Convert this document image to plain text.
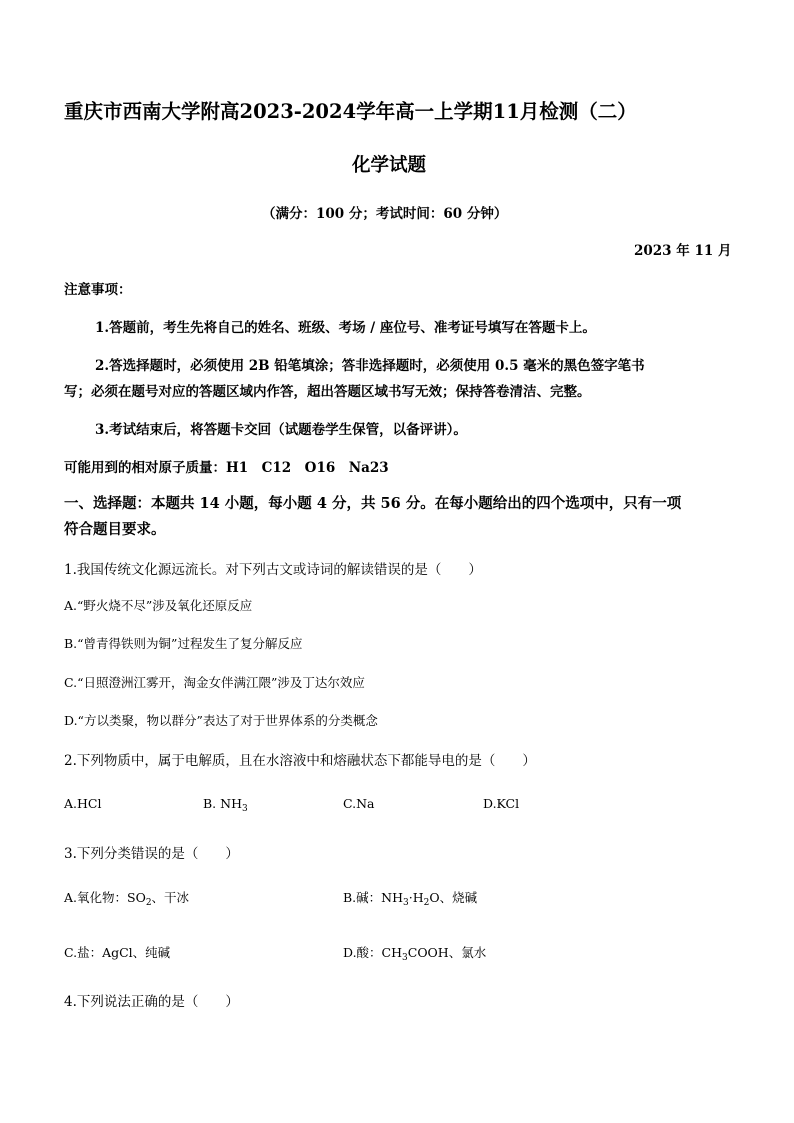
重庆市西南大学附高2023-2024学年高一上学期11月检测（二）
化学试题
（满分：100 分；考试时间：60 分钟）
2023 年 11 月
注意事项：
1.答题前，考生先将自己的姓名、班级、考场 / 座位号、准考证号填写在答题卡上。
2.答选择题时，必须使用 2B 铅笔填涂；答非选择题时，必须使用 0.5 毫米的黑色签字笔书
写；必须在题号对应的答题区域内作答，超出答题区域书写无效；保持答卷清洁、完整。
3.考试结束后，将答题卡交回（试题卷学生保管，以备评讲）。
可能用到的相对原子质量：H1　C12　O16　Na23
一、选择题：本题共 14 小题，每小题 4 分，共 56 分。在每小题给出的四个选项中，只有一项
符合题目要求。
1.我国传统文化源远流长。对下列古文或诗词的解读错误的是（　　）
A.“野火烧不尽”涉及氧化还原反应
B.“曾青得铁则为铜”过程发生了复分解反应
C.“日照澄洲江雾开，淘金女伴满江隈”涉及丁达尔效应
D.“方以类聚，物以群分”表达了对于世界体系的分类概念
2.下列物质中，属于电解质，且在水溶液中和熔融状态下都能导电的是（　　）
A.HCl	B. $NH_3$	C.Na	D.KCl
3.下列分类错误的是（　　）
A.氧化物：$SO_2$、干冰	B.碱：$NH_3\cdot H_2O$、烧碱
C.盐：AgCl、纯碱	D.酸：$CH_3COOH$、氯水
4.下列说法正确的是（　　）
